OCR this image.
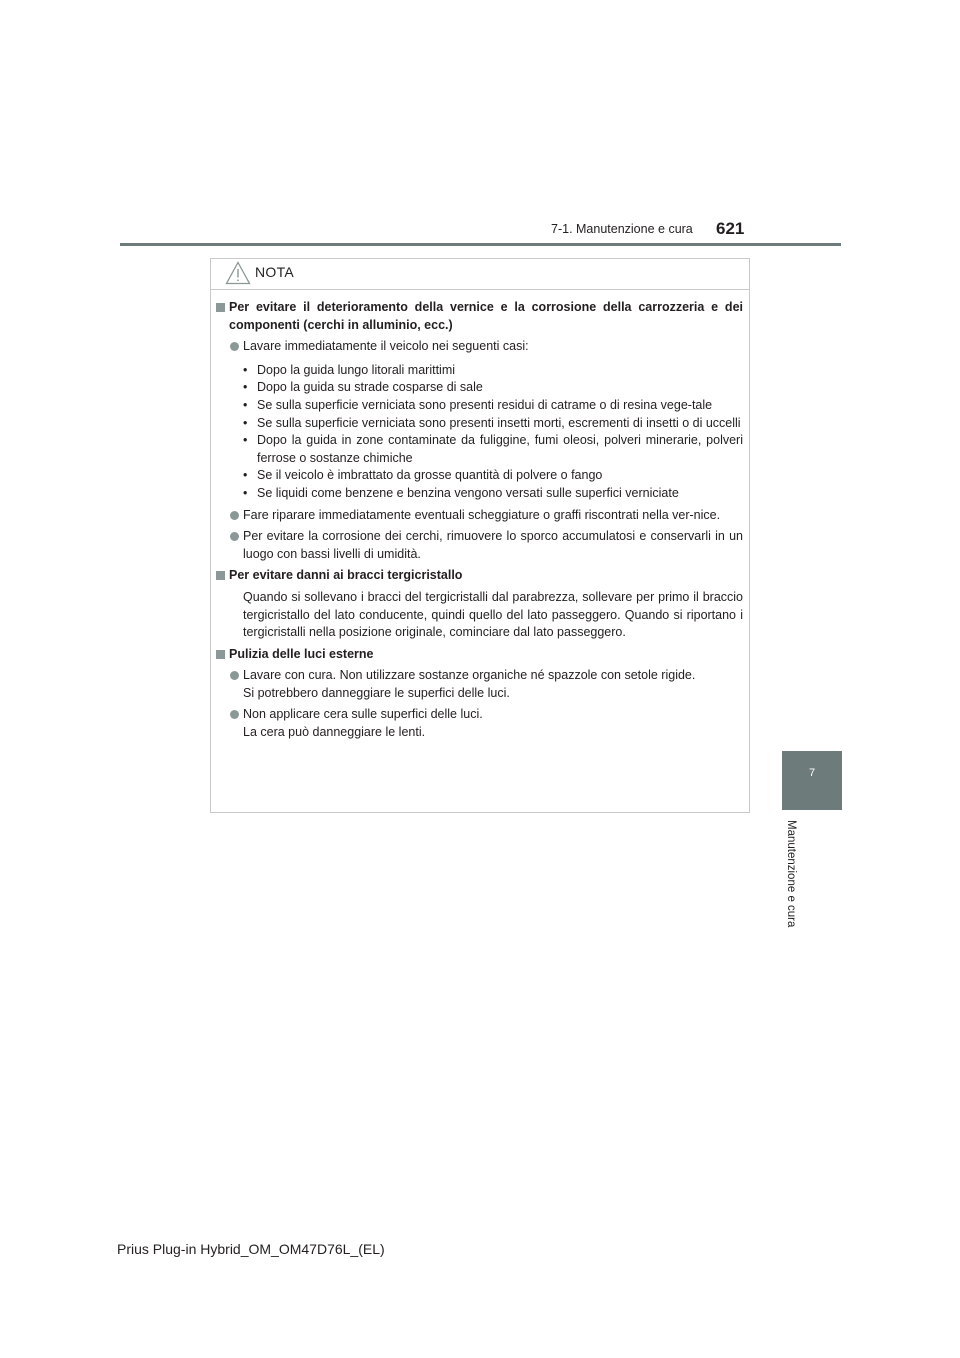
7-1. Manutenzione e cura 621
7
Manutenzione e cura
NOTA
Per evitare il deterioramento della vernice e la corrosione della carrozzeria e dei componenti (cerchi in alluminio, ecc.)
Lavare immediatamente il veicolo nei seguenti casi:
• Dopo la guida lungo litorali marittimi
• Dopo la guida su strade cosparse di sale
• Se sulla superficie verniciata sono presenti residui di catrame o di resina vege-tale
• Se sulla superficie verniciata sono presenti insetti morti, escrementi di insetti o di uccelli
• Dopo la guida in zone contaminate da fuliggine, fumi oleosi, polveri minerarie, polveri ferrose o sostanze chimiche
• Se il veicolo è imbrattato da grosse quantità di polvere o fango
• Se liquidi come benzene e benzina vengono versati sulle superfici verniciate
Fare riparare immediatamente eventuali scheggiature o graffi riscontrati nella ver-nice.
Per evitare la corrosione dei cerchi, rimuovere lo sporco accumulatosi e conservarli in un luogo con bassi livelli di umidità.
Per evitare danni ai bracci tergicristallo
Quando si sollevano i bracci del tergicristalli dal parabrezza, sollevare per primo il braccio tergicristallo del lato conducente, quindi quello del lato passeggero. Quando si riportano i tergicristalli nella posizione originale, cominciare dal lato passeggero.
Pulizia delle luci esterne
Lavare con cura. Non utilizzare sostanze organiche né spazzole con setole rigide.
Si potrebbero danneggiare le superfici delle luci.
Non applicare cera sulle superfici delle luci.
La cera può danneggiare le lenti.
Prius Plug-in Hybrid_OM_OM47D76L_(EL)
